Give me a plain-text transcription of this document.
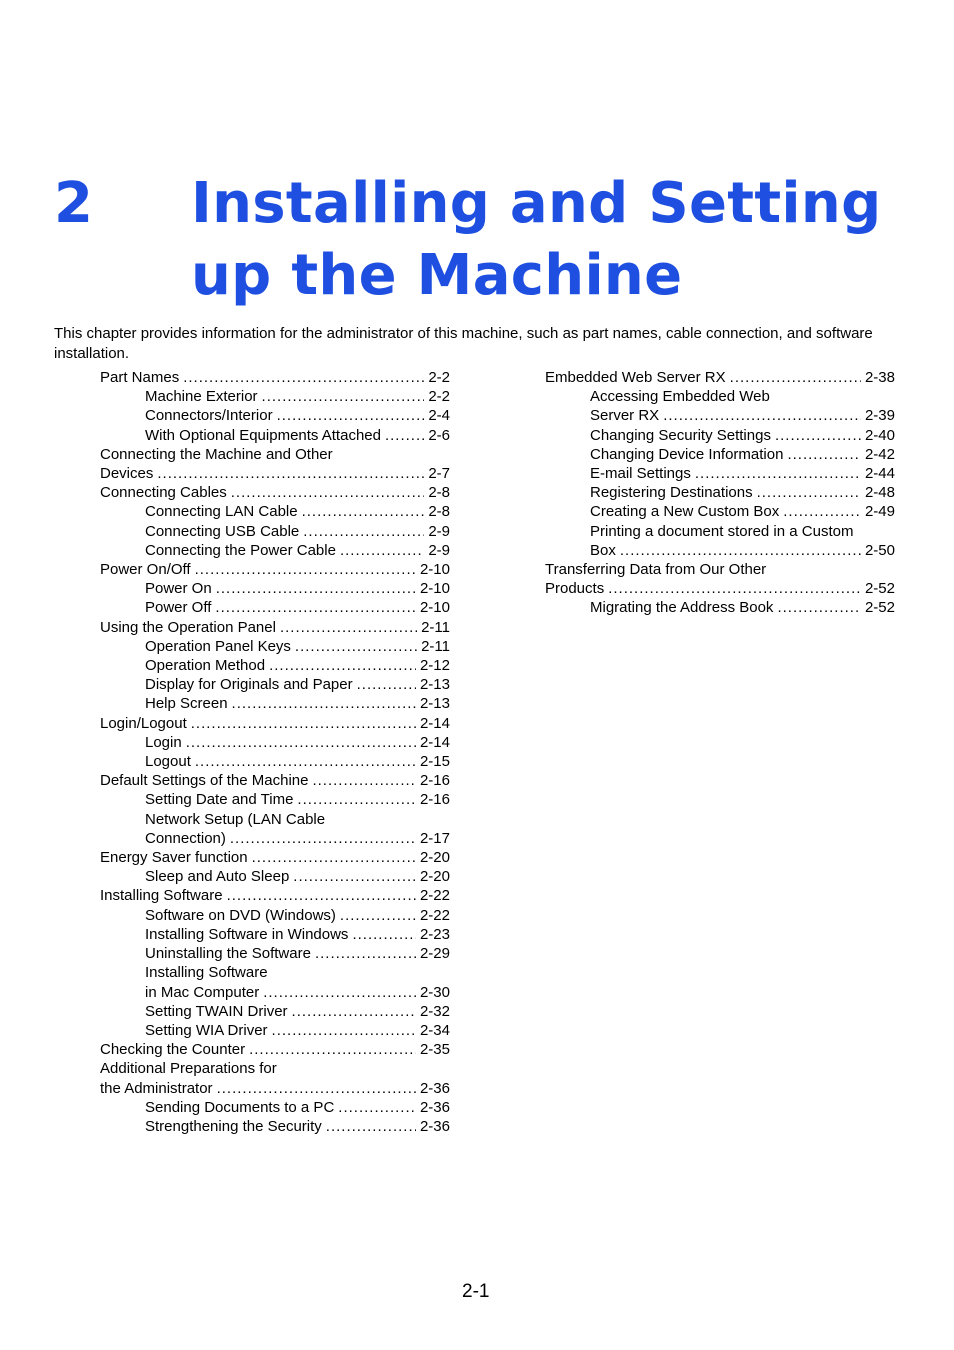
2 Installing and Setting
up the Machine

This chapter provides information for the administrator of this machine, such as part names, cable connection, and software installation.

Part Names .....	2-2
Machine Exterior .....	2-2
Connectors/Interior .....	2-4
With Optional Equipments Attached .....	2-6
Connecting the Machine and Other
Devices .....	2-7
Connecting Cables .....	2-8
Connecting LAN Cable .....	2-8
Connecting USB Cable .....	2-9
Connecting the Power Cable .....	2-9
Power On/Off .....	2-10
Power On .....	2-10
Power Off .....	2-10
Using the Operation Panel .....	2-11
Operation Panel Keys .....	2-11
Operation Method .....	2-12
Display for Originals and Paper .....	2-13
Help Screen .....	2-13
Login/Logout .....	2-14
Login .....	2-14
Logout .....	2-15
Default Settings of the Machine .....	2-16
Setting Date and Time .....	2-16
Network Setup (LAN Cable
Connection) .....	2-17
Energy Saver function .....	2-20
Sleep and Auto Sleep .....	2-20
Installing Software .....	2-22
Software on DVD (Windows) .....	2-22
Installing Software in Windows .....	2-23
Uninstalling the Software .....	2-29
Installing Software
in Mac Computer .....	2-30
Setting TWAIN Driver .....	2-32
Setting WIA Driver .....	2-34
Checking the Counter .....	2-35
Additional Preparations for
the Administrator .....	2-36
Sending Documents to a PC .....	2-36
Strengthening the Security .....	2-36
Embedded Web Server RX .....	2-38
Accessing Embedded Web
Server RX .....	2-39
Changing Security Settings .....	2-40
Changing Device Information .....	2-42
E-mail Settings .....	2-44
Registering Destinations .....	2-48
Creating a New Custom Box .....	2-49
Printing a document stored in a Custom
Box .....	2-50
Transferring Data from Our Other
Products .....	2-52
Migrating the Address Book .....	2-52
2-1
